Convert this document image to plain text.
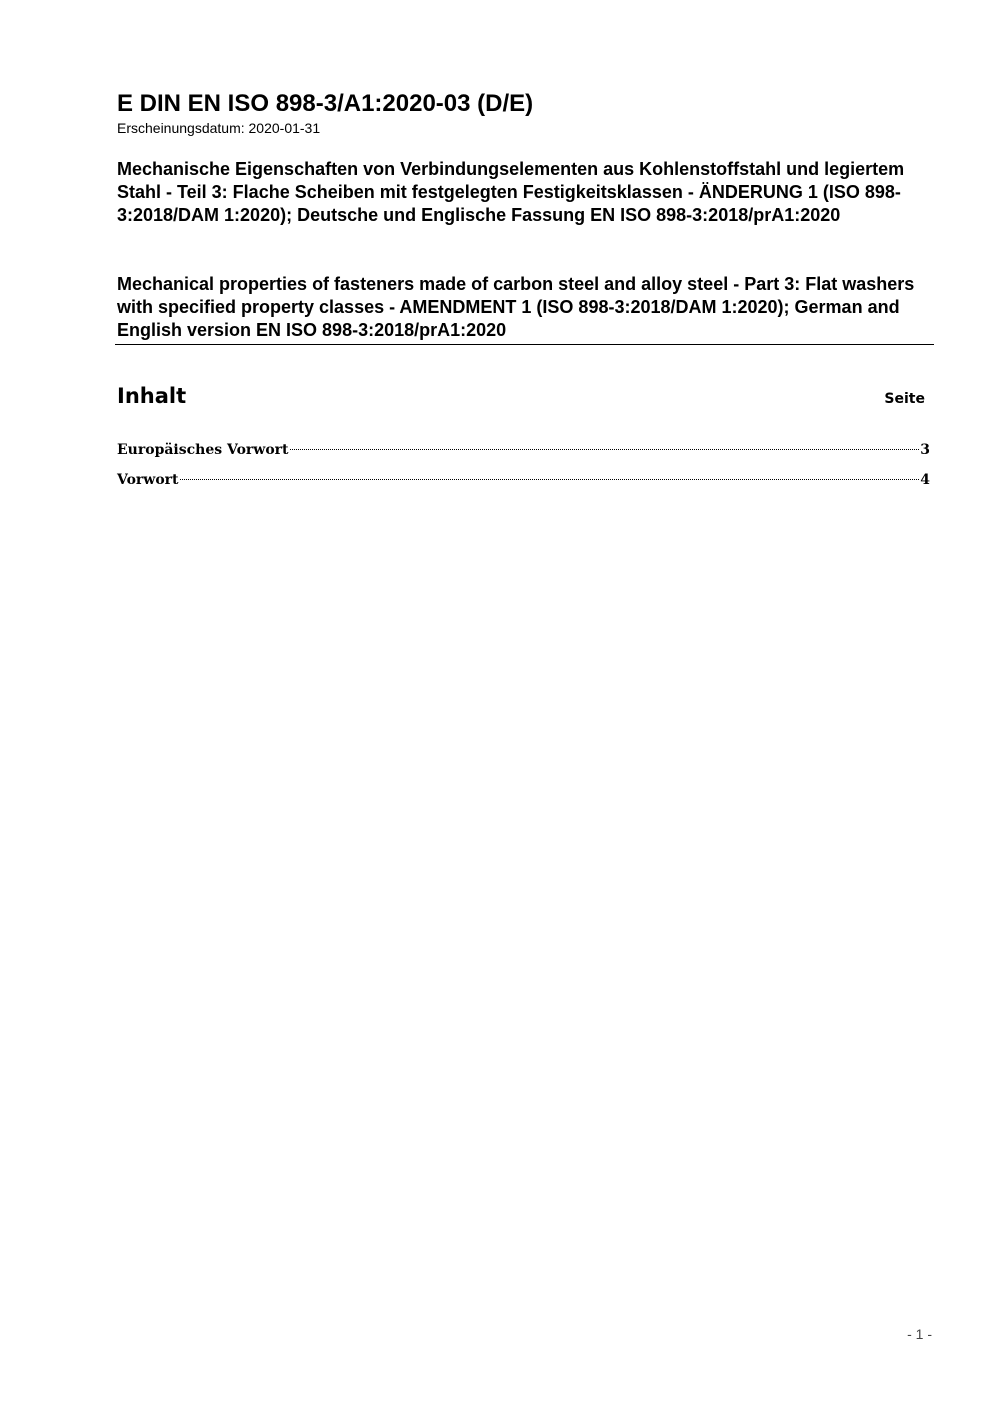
E DIN EN ISO 898-3/A1:2020-03 (D/E)

Erscheinungsdatum: 2020-01-31

Mechanische Eigenschaften von Verbindungselementen aus Kohlenstoffstahl und legiertem Stahl - Teil 3: Flache Scheiben mit festgelegten Festigkeitsklassen - ÄNDERUNG 1 (ISO 898-3:2018/DAM 1:2020); Deutsche und Englische Fassung EN ISO 898-3:2018/prA1:2020

Mechanical properties of fasteners made of carbon steel and alloy steel - Part 3: Flat washers with specified property classes - AMENDMENT 1 (ISO 898-3:2018/DAM 1:2020); German and English version EN ISO 898-3:2018/prA1:2020

Inhalt	Seite
Europäisches Vorwort	3
Vorwort	4
- 1 -
